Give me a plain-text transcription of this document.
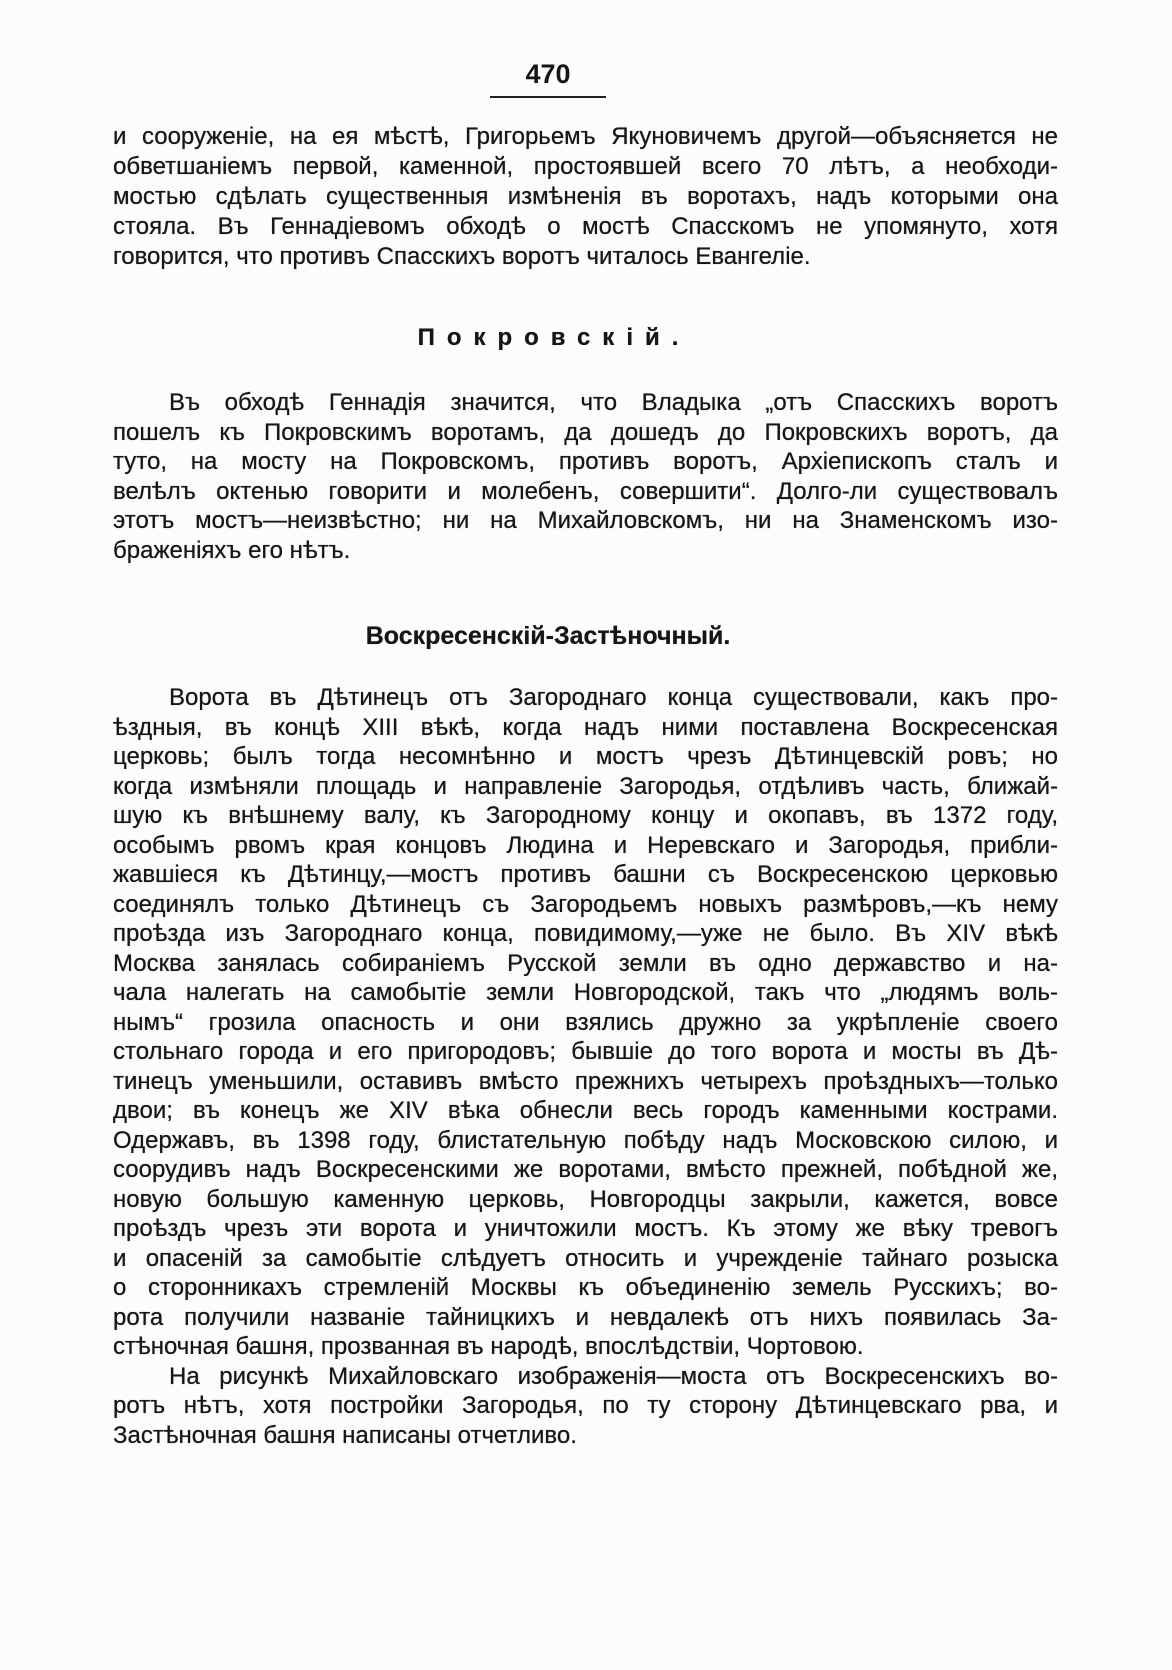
470
и сооруженіе, на ея мѣстѣ, Григорьемъ Якуновичемъ другой—объясняется не
обветшаніемъ первой, каменной, простоявшей всего 70 лѣтъ, а необходи-
мостью сдѣлать существенныя измѣненія въ воротахъ, надъ которыми она
стояла. Въ Геннадіевомъ обходѣ о мостѣ Спасскомъ не упомянуто, хотя
говорится, что противъ Спасскихъ воротъ читалось Евангеліе.
Покровскій.
Въ обходѣ Геннадія значится, что Владыка „отъ Спасскихъ воротъ
пошелъ къ Покровскимъ воротамъ, да дошедъ до Покровскихъ воротъ, да
туто, на мосту на Покровскомъ, противъ воротъ, Архіепископъ сталъ и
велѣлъ октенью говорити и молебенъ, совершити“. Долго-ли существовалъ
этотъ мостъ—неизвѣстно; ни на Михайловскомъ, ни на Знаменскомъ изо-
браженіяхъ его нѣтъ.
Воскресенскій-Застѣночный.
Ворота въ Дѣтинецъ отъ Загороднаго конца существовали, какъ про-
ѣздныя, въ концѣ XIII вѣкѣ, когда надъ ними поставлена Воскресенская
церковь; былъ тогда несомнѣнно и мостъ чрезъ Дѣтинцевскій ровъ; но
когда измѣняли площадь и направленіе Загородья, отдѣливъ часть, ближай-
шую къ внѣшнему валу, къ Загородному концу и окопавъ, въ 1372 году,
особымъ рвомъ края концовъ Людина и Неревскаго и Загородья, прибли-
жавшіеся къ Дѣтинцу,—мостъ противъ башни съ Воскресенскою церковью
соединялъ только Дѣтинецъ съ Загородьемъ новыхъ размѣровъ,—къ нему
проѣзда изъ Загороднаго конца, повидимому,—уже не было. Въ XIV вѣкѣ
Москва занялась собираніемъ Русской земли въ одно державство и на-
чала налегать на самобытіе земли Новгородской, такъ что „людямъ воль-
нымъ“ грозила опасность и они взялись дружно за укрѣпленіе своего
стольнаго города и его пригородовъ; бывшіе до того ворота и мосты въ Дѣ-
тинецъ уменьшили, оставивъ вмѣсто прежнихъ четырехъ проѣздныхъ—только
двои; въ конецъ же XIV вѣка обнесли весь городъ каменными кострами.
Одержавъ, въ 1398 году, блистательную побѣду надъ Московскою силою, и
соорудивъ надъ Воскресенскими же воротами, вмѣсто прежней, побѣдной же,
новую большую каменную церковь, Новгородцы закрыли, кажется, вовсе
проѣздъ чрезъ эти ворота и уничтожили мостъ. Къ этому же вѣку тревогъ
и опасеній за самобытіе слѣдуетъ относить и учрежденіе тайнаго розыска
о сторонникахъ стремленій Москвы къ объединенію земель Русскихъ; во-
рота получили названіе тайницкихъ и невдалекѣ отъ нихъ появилась За-
стѣночная башня, прозванная въ народѣ, впослѣдствіи, Чортовою.
На рисункѣ Михайловскаго изображенія—моста отъ Воскресенскихъ во-
ротъ нѣтъ, хотя постройки Загородья, по ту сторону Дѣтинцевскаго рва, и
Застѣночная башня написаны отчетливо.
